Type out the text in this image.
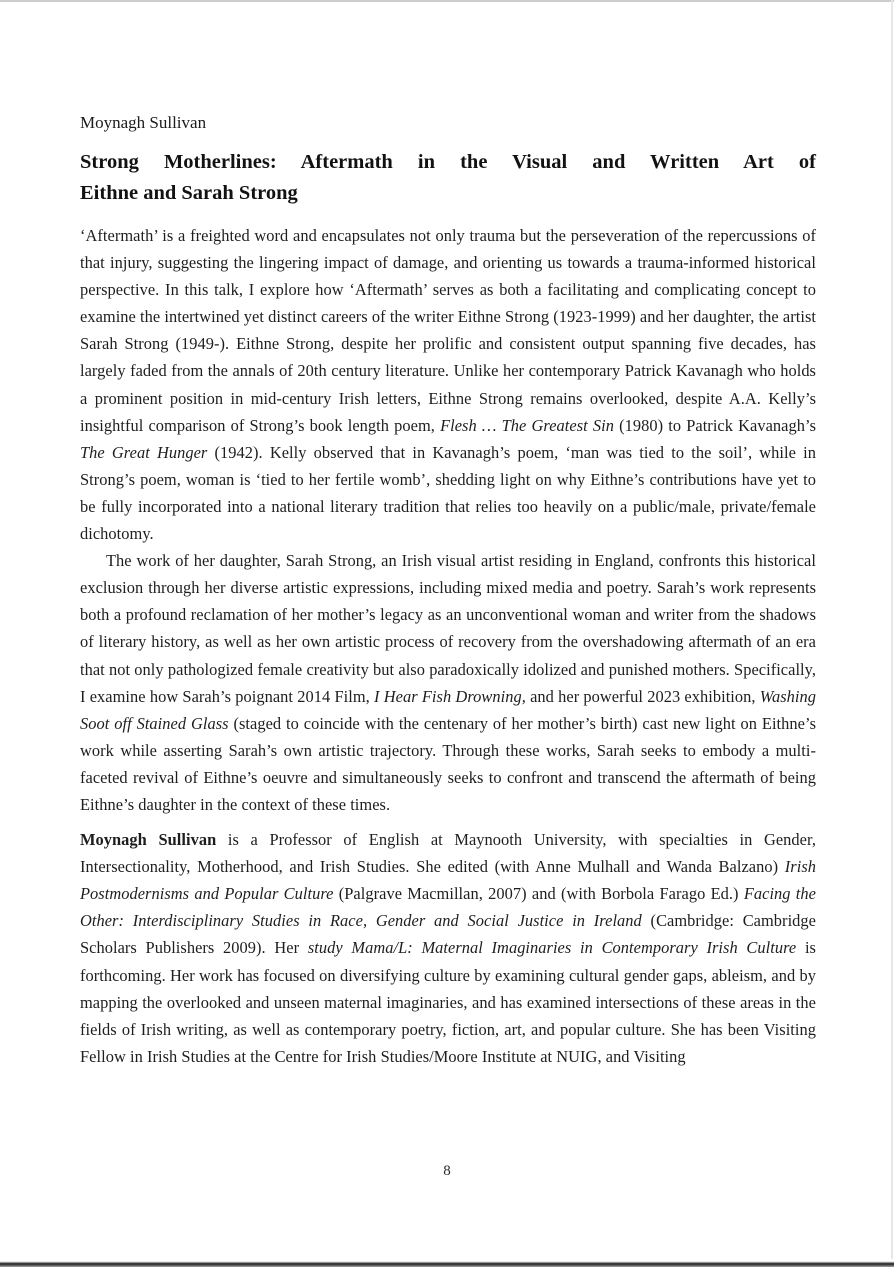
Moynagh Sullivan
Strong Motherlines: Aftermath in the Visual and Written Art of
Eithne and Sarah Strong

‘Aftermath’ is a freighted word and encapsulates not only trauma but the perseveration of the repercussions of that injury, suggesting the lingering impact of damage, and orienting us towards a trauma-informed historical perspective. In this talk, I explore how ‘Aftermath’ serves as both a facilitating and complicating concept to examine the intertwined yet distinct careers of the writer Eithne Strong (1923-1999) and her daughter, the artist Sarah Strong (1949-). Eithne Strong, despite her prolific and consistent output spanning five decades, has largely faded from the annals of 20th century literature. Unlike her contemporary Patrick Kavanagh who holds a prominent position in mid-century Irish letters, Eithne Strong remains overlooked, despite A.A. Kelly’s insightful comparison of Strong’s book length poem, Flesh … The Greatest Sin (1980) to Patrick Kavanagh’s The Great Hunger (1942). Kelly observed that in Kavanagh’s poem, ‘man was tied to the soil’, while in Strong’s poem, woman is ‘tied to her fertile womb’, shedding light on why Eithne’s contributions have yet to be fully incorporated into a national literary tradition that relies too heavily on a public/male, private/female dichotomy.

The work of her daughter, Sarah Strong, an Irish visual artist residing in England, confronts this historical exclusion through her diverse artistic expressions, including mixed media and poetry. Sarah’s work represents both a profound reclamation of her mother’s legacy as an unconventional woman and writer from the shadows of literary history, as well as her own artistic process of recovery from the overshadowing aftermath of an era that not only pathologized female creativity but also paradoxically idolized and punished mothers. Specifically, I examine how Sarah’s poignant 2014 Film, I Hear Fish Drowning, and her powerful 2023 exhibition, Washing Soot off Stained Glass (staged to coincide with the centenary of her mother’s birth) cast new light on Eithne’s work while asserting Sarah’s own artistic trajectory. Through these works, Sarah seeks to embody a multi-faceted revival of Eithne’s oeuvre and simultaneously seeks to confront and transcend the aftermath of being Eithne’s daughter in the context of these times.

Moynagh Sullivan is a Professor of English at Maynooth University, with specialties in Gender, Intersectionality, Motherhood, and Irish Studies. She edited (with Anne Mulhall and Wanda Balzano) Irish Postmodernisms and Popular Culture (Palgrave Macmillan, 2007) and (with Borbola Farago Ed.) Facing the Other: Interdisciplinary Studies in Race, Gender and Social Justice in Ireland (Cambridge: Cambridge Scholars Publishers 2009). Her study Mama/L: Maternal Imaginaries in Contemporary Irish Culture is forthcoming. Her work has focused on diversifying culture by examining cultural gender gaps, ableism, and by mapping the overlooked and unseen maternal imaginaries, and has examined intersections of these areas in the fields of Irish writing, as well as contemporary poetry, fiction, art, and popular culture. She has been Visiting Fellow in Irish Studies at the Centre for Irish Studies/Moore Institute at NUIG, and Visiting

8
